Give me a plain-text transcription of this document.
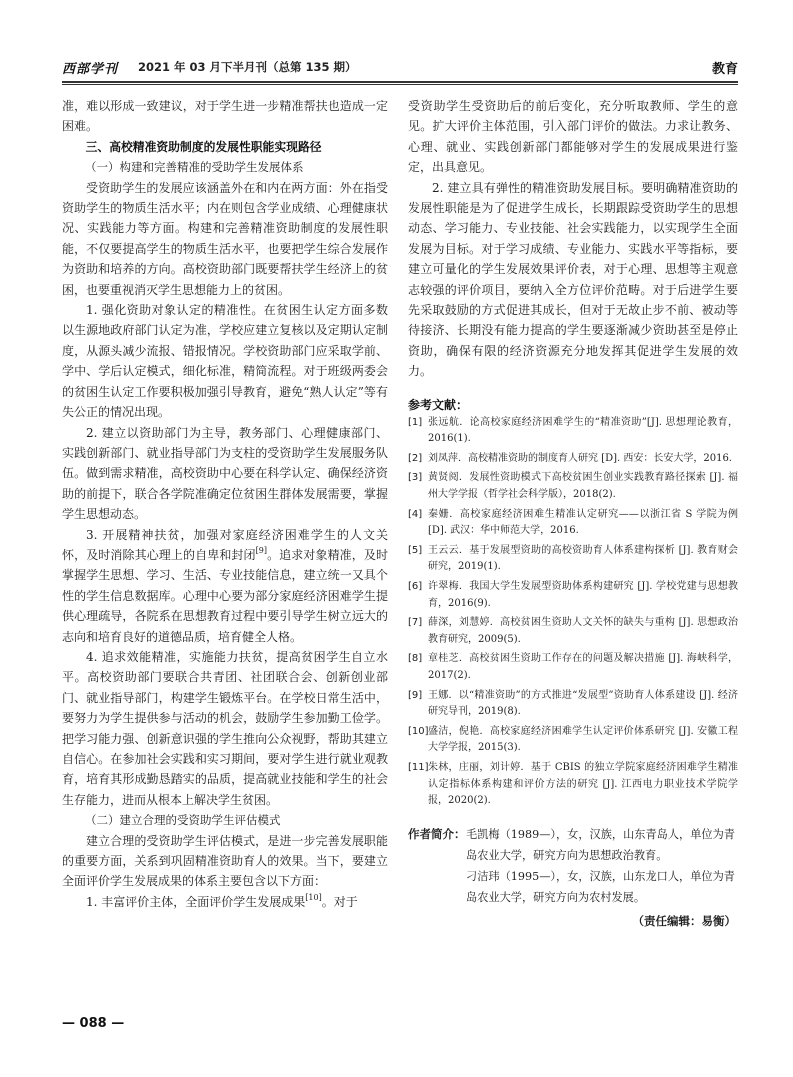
西部学刊 2021 年 03 月下半月刊（总第 135 期）	教育

准，难以形成一致建议，对于学生进一步精准帮扶也造成一定困难。

三、高校精准资助制度的发展性职能实现路径

（一）构建和完善精准的受助学生发展体系

受资助学生的发展应该涵盖外在和内在两方面：外在指受资助学生的物质生活水平；内在则包含学业成绩、心理健康状况、实践能力等方面。构建和完善精准资助制度的发展性职能，不仅要提高学生的物质生活水平，也要把学生综合发展作为资助和培养的方向。高校资助部门既要帮扶学生经济上的贫困，也要重视消灭学生思想能力上的贫困。

1. 强化资助对象认定的精准性。在贫困生认定方面多数以生源地政府部门认定为准，学校应建立复核以及定期认定制度，从源头减少流报、错报情况。学校资助部门应采取学前、学中、学后认定模式，细化标准，精简流程。对于班级两委会的贫困生认定工作要积极加强引导教育，避免“熟人认定”等有失公正的情况出现。

2. 建立以资助部门为主导，教务部门、心理健康部门、实践创新部门、就业指导部门为支柱的受资助学生发展服务队伍。做到需求精准，高校资助中心要在科学认定、确保经济资助的前提下，联合各学院准确定位贫困生群体发展需要，掌握学生思想动态。

3. 开展精神扶贫，加强对家庭经济困难学生的人文关怀，及时消除其心理上的自卑和封闭[9]。追求对象精准，及时掌握学生思想、学习、生活、专业技能信息，建立统一又具个性的学生信息数据库。心理中心要为部分家庭经济困难学生提供心理疏导，各院系在思想教育过程中要引导学生树立远大的志向和培育良好的道德品质，培育健全人格。

4. 追求效能精准，实施能力扶贫，提高贫困学生自立水平。高校资助部门要联合共青团、社团联合会、创新创业部门、就业指导部门，构建学生锻炼平台。在学校日常生活中，要努力为学生提供参与活动的机会，鼓励学生参加勤工俭学。把学习能力强、创新意识强的学生推向公众视野，帮助其建立自信心。在参加社会实践和实习期间，要对学生进行就业观教育，培育其形成勤恳踏实的品质，提高就业技能和学生的社会生存能力，进而从根本上解决学生贫困。

（二）建立合理的受资助学生评估模式

建立合理的受资助学生评估模式，是进一步完善发展职能的重要方面，关系到巩固精准资助育人的效果。当下，要建立全面评价学生发展成果的体系主要包含以下方面：

1. 丰富评价主体，全面评价学生发展成果[10]。对于

受资助学生受资助后的前后变化，充分听取教师、学生的意见。扩大评价主体范围，引入部门评价的做法。力求让教务、心理、就业、实践创新部门都能够对学生的发展成果进行鉴定，出具意见。

2. 建立具有弹性的精准资助发展目标。要明确精准资助的发展性职能是为了促进学生成长，长期跟踪受资助学生的思想动态、学习能力、专业技能、社会实践能力，以实现学生全面发展为目标。对于学习成绩、专业能力、实践水平等指标，要建立可量化的学生发展效果评价表，对于心理、思想等主观意志较强的评价项目，要纳入全方位评价范畴。对于后进学生要先采取鼓励的方式促进其成长，但对于无故止步不前、被动等待接济、长期没有能力提高的学生要逐渐减少资助甚至是停止资助，确保有限的经济资源充分地发挥其促进学生发展的效力。

参考文献：
[1] 张远航．论高校家庭经济困难学生的“精准资助”[J]. 思想理论教育，2016(1).
[2] 刘凤萍．高校精准资助的制度育人研究 [D]. 西安：长安大学，2016.
[3] 黄贤阅．发展性资助模式下高校贫困生创业实践教育路径探索 [J]. 福州大学学报（哲学社会科学版），2018(2).
[4] 秦姗．高校家庭经济困难生精准认定研究——以浙江省 S 学院为例 [D]. 武汉：华中师范大学，2016.
[5] 王云云．基于发展型资助的高校资助育人体系建构探析 [J]. 教育财会研究，2019(1).
[6] 许翠梅．我国大学生发展型资助体系构建研究 [J]. 学校党建与思想教育，2016(9).
[7] 薛深，刘慧婷．高校贫困生资助人文关怀的缺失与重构 [J]. 思想政治教育研究，2009(5).
[8] 章桂芝．高校贫困生资助工作存在的问题及解决措施 [J]. 海峡科学，2017(2).
[9] 王娜．以“精准资助”的方式推进“发展型”资助育人体系建设 [J]. 经济研究导刊，2019(8).
[10] 盛洁，倪艳．高校家庭经济困难学生认定评价体系研究 [J]. 安徽工程大学学报，2015(3).
[11] 朱林，庄丽，刘计婷．基于 CBIS 的独立学院家庭经济困难学生精准认定指标体系构建和评价方法的研究 [J]. 江西电力职业技术学院学报，2020(2).
作者简介： 毛凯梅（1989—），女，汉族，山东青岛人，单位为青岛农业大学，研究方向为思想政治教育。
刁洁玮（1995—），女，汉族，山东龙口人，单位为青岛农业大学，研究方向为农村发展。
（责任编辑：易衡）
— 088 —
